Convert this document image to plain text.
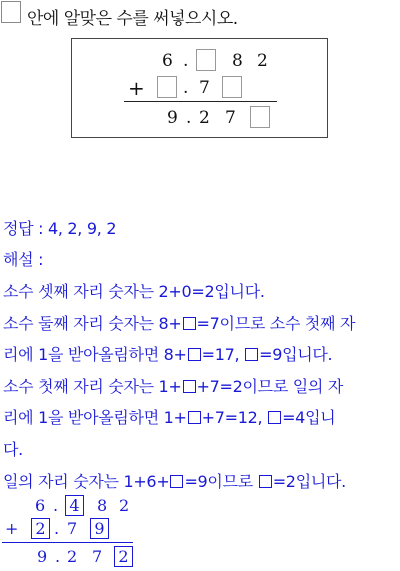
안에 알맞은 수를 써넣으시오.
6 .	8 2
+ . 7
9 . 2 7
정답 : 4, 2, 9, 2
해설 :
소수 셋째 자리 숫자는 2+0=2입니다.
소수 둘째 자리 숫자는 8+ =7이므로 소수 첫째 자
리에 1을 받아올림하면 8+ =17, =9입니다.
소수 첫째 자리 숫자는 1+ +7=2이므로 일의 자
리에 1을 받아올림하면 1+ +7=12, =4입니
다.
일의 자리 숫자는 1+6+ =9이므로 =2입니다.
6 . 4 8 2
+ 2 . 7 9
9 . 2 7 2
